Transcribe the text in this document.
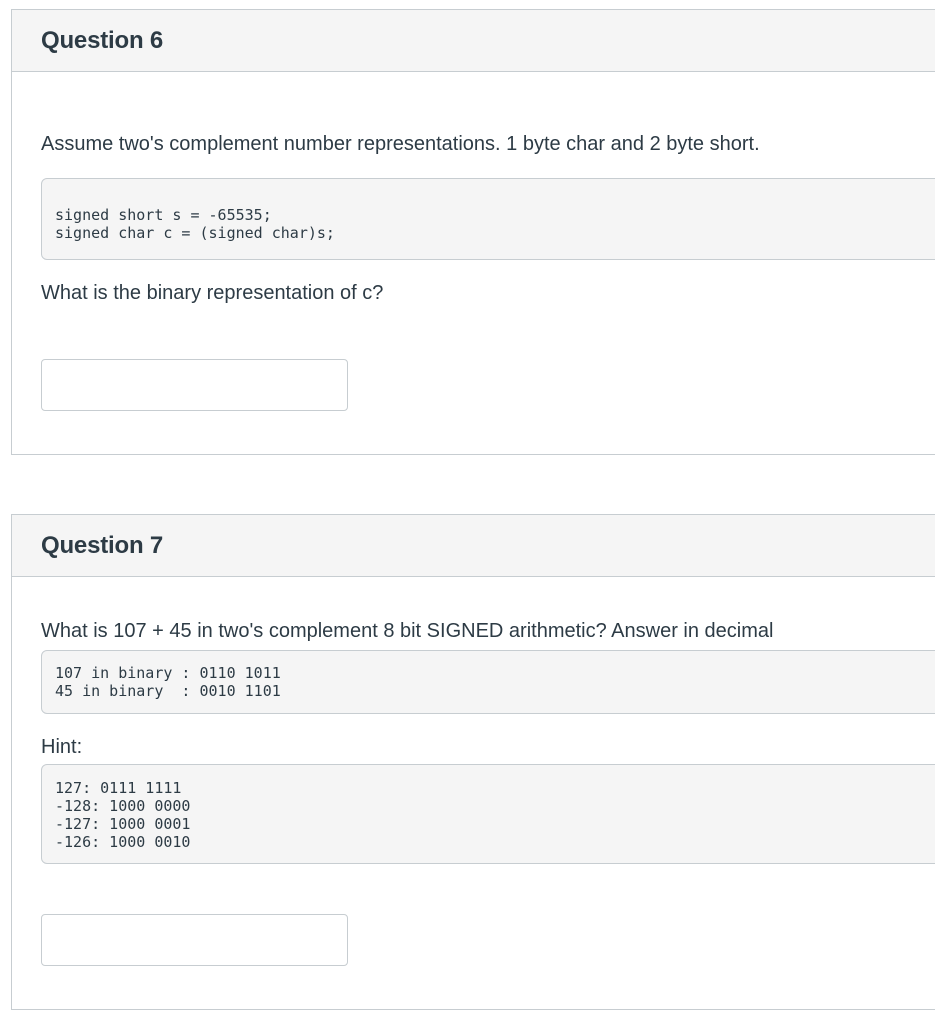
Question 6
Assume two's complement number representations. 1 byte char and 2 byte short.
signed short s = -65535;
signed char c = (signed char)s;
What is the binary representation of c?
Question 7
What is 107 + 45 in two's complement 8 bit SIGNED arithmetic? Answer in decimal
107 in binary : 0110 1011
45 in binary  : 0010 1101
Hint:
127: 0111 1111
-128: 1000 0000
-127: 1000 0001
-126: 1000 0010
